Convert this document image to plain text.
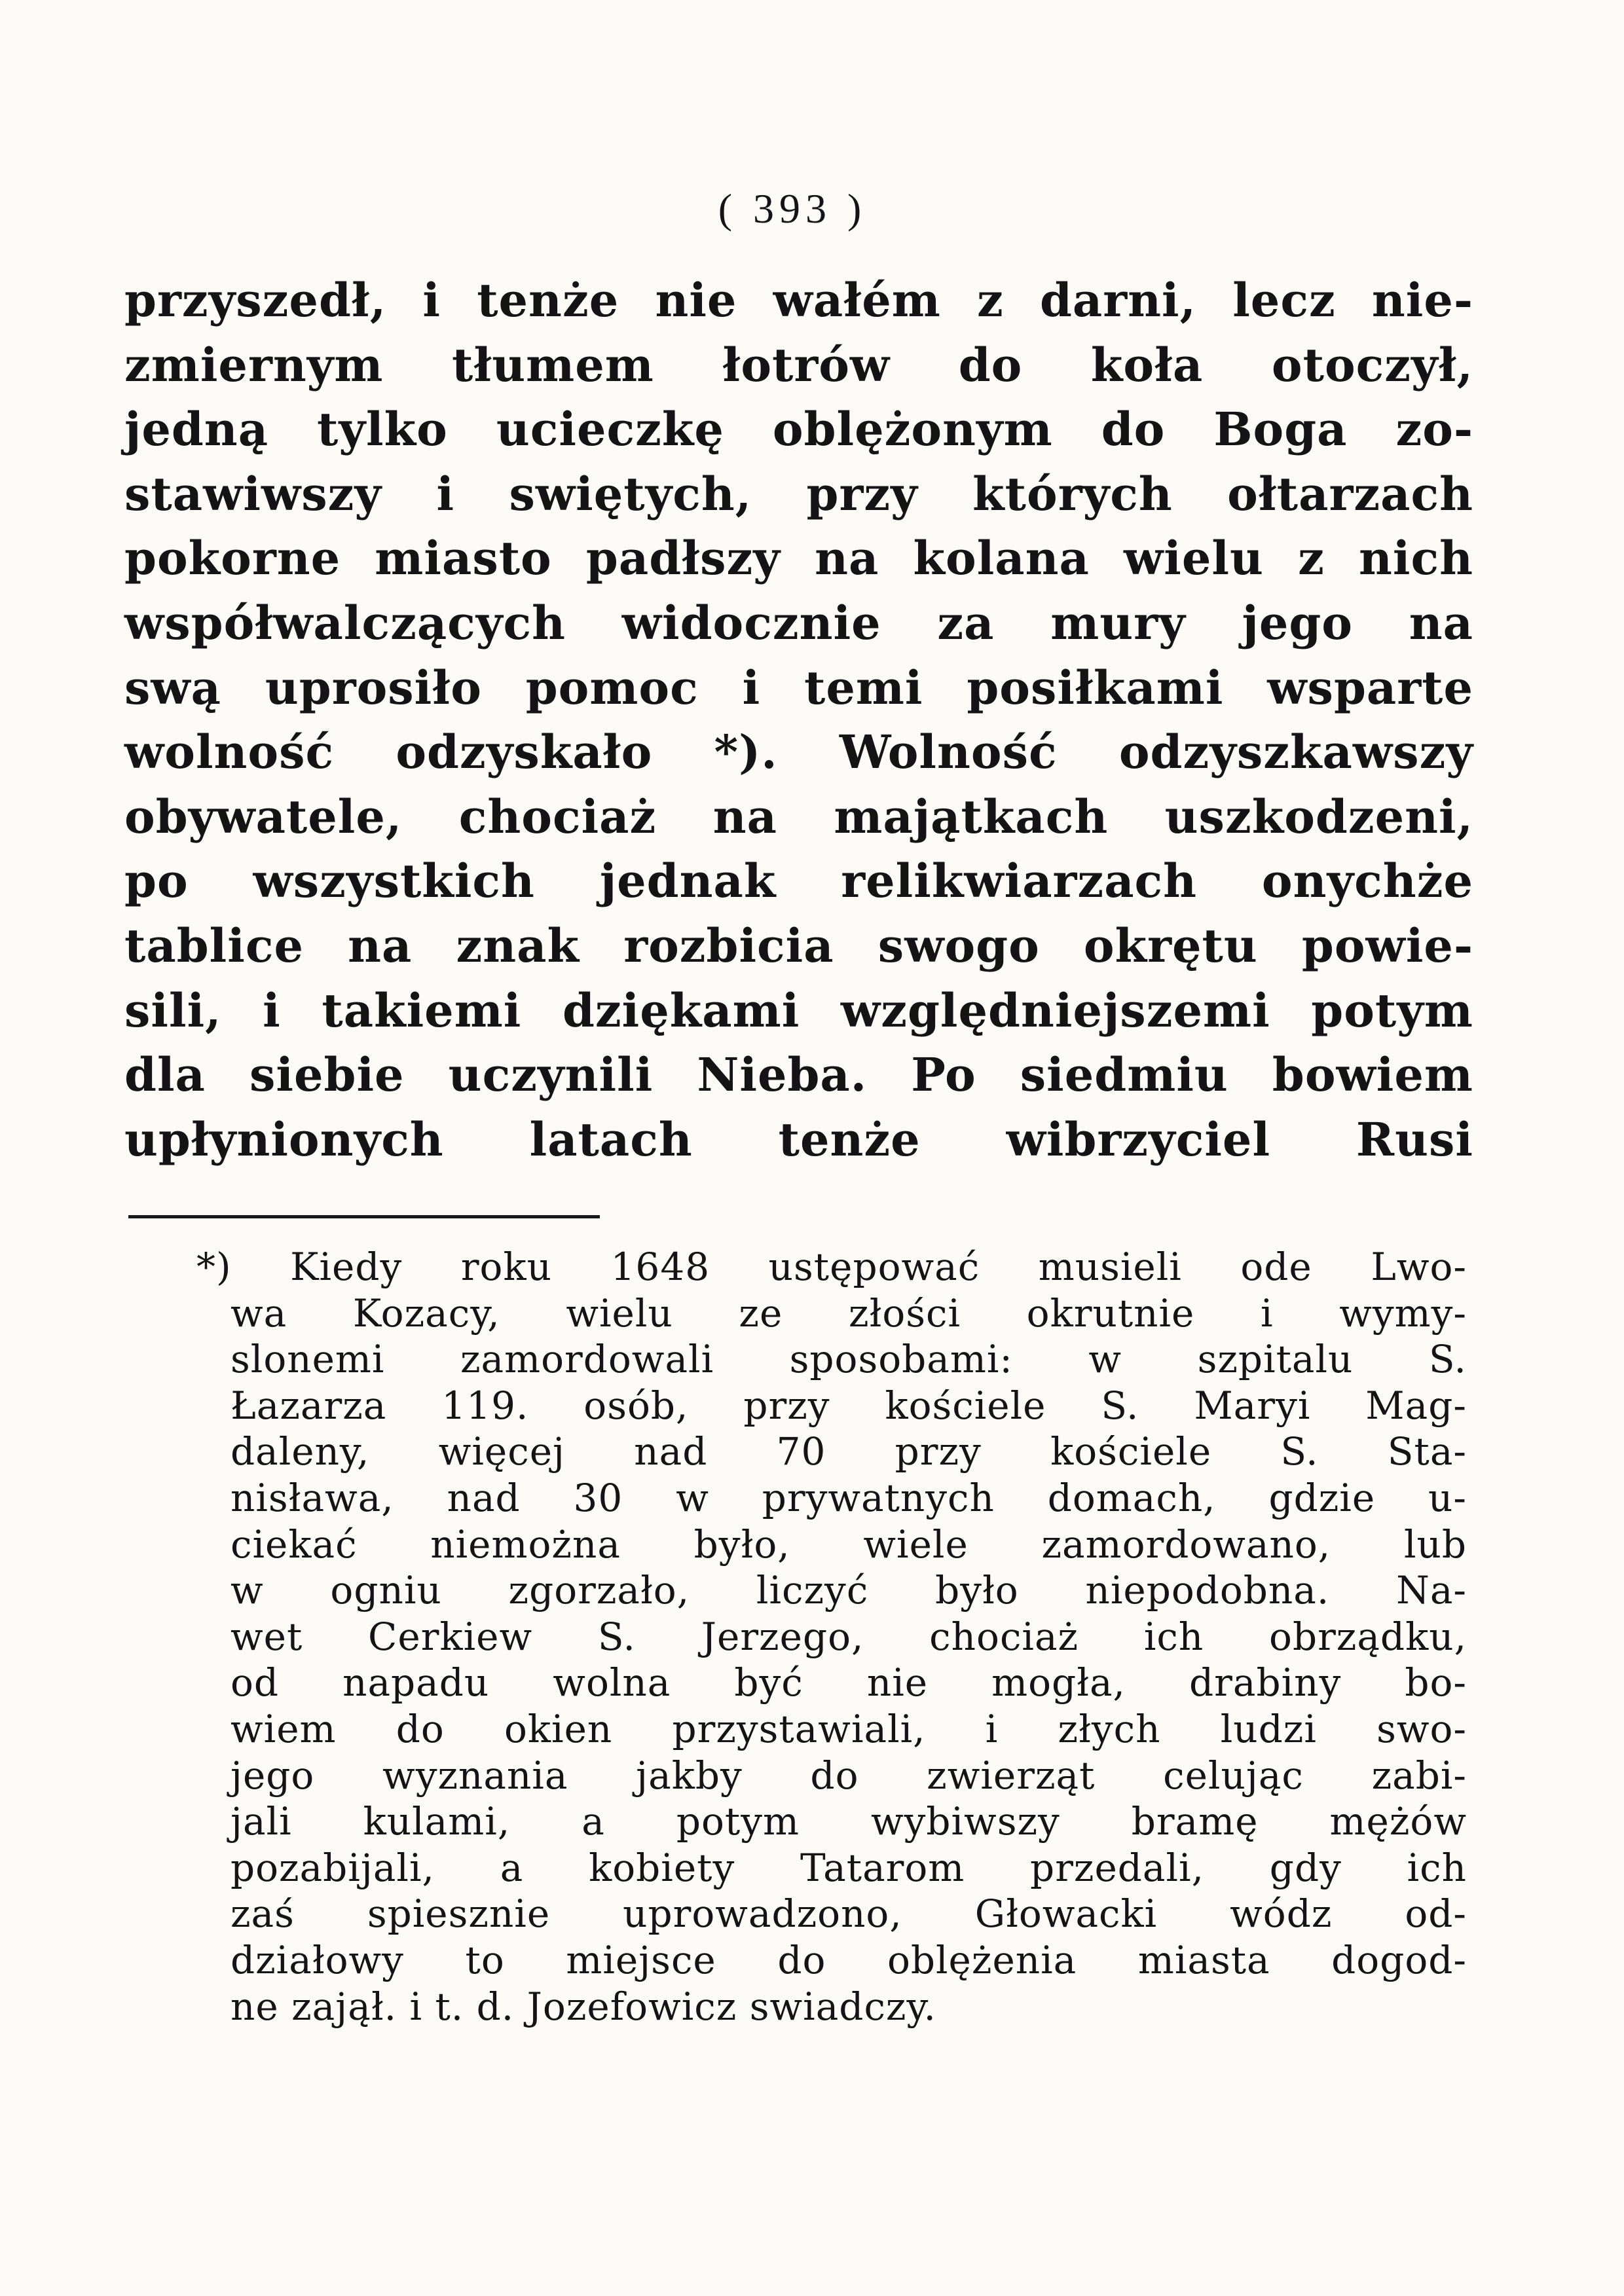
( 393 )
przyszedł, i tenże nie wałém z darni, lecz nie-
zmiernym tłumem łotrów do koła otoczył,
jedną tylko ucieczkę oblężonym do Boga zo-
stawiwszy i swiętych, przy których ołtarzach
pokorne miasto padłszy na kolana wielu z nich
współwalczących widocznie za mury jego na
swą uprosiło pomoc i temi posiłkami wsparte
wolność odzyskało *). Wolność odzyszkawszy
obywatele, chociaż na majątkach uszkodzeni,
po wszystkich jednak relikwiarzach onychże
tablice na znak rozbicia swogo okrętu powie-
sili, i takiemi dziękami względniejszemi potym
dla siebie uczynili Nieba. Po siedmiu bowiem
upłynionych latach tenże wibrzyciel Rusi
*) Kiedy roku 1648 ustępować musieli ode Lwo-
wa Kozacy, wielu ze złości okrutnie i wymy-
slonemi zamordowali sposobami: w szpitalu S.
Łazarza 119. osób, przy kościele S. Maryi Mag-
daleny, więcej nad 70 przy kościele S. Sta-
nisława, nad 30 w prywatnych domach, gdzie u-
ciekać niemożna było, wiele zamordowano, lub
w ogniu zgorzało, liczyć było niepodobna. Na-
wet Cerkiew S. Jerzego, chociaż ich obrządku,
od napadu wolna być nie mogła, drabiny bo-
wiem do okien przystawiali, i złych ludzi swo-
jego wyznania jakby do zwierząt celując zabi-
jali kulami, a potym wybiwszy bramę mężów
pozabijali, a kobiety Tatarom przedali, gdy ich
zaś spiesznie uprowadzono, Głowacki wódz od-
działowy to miejsce do oblężenia miasta dogod-
ne zajął. i t. d. Jozefowicz swiadczy.
